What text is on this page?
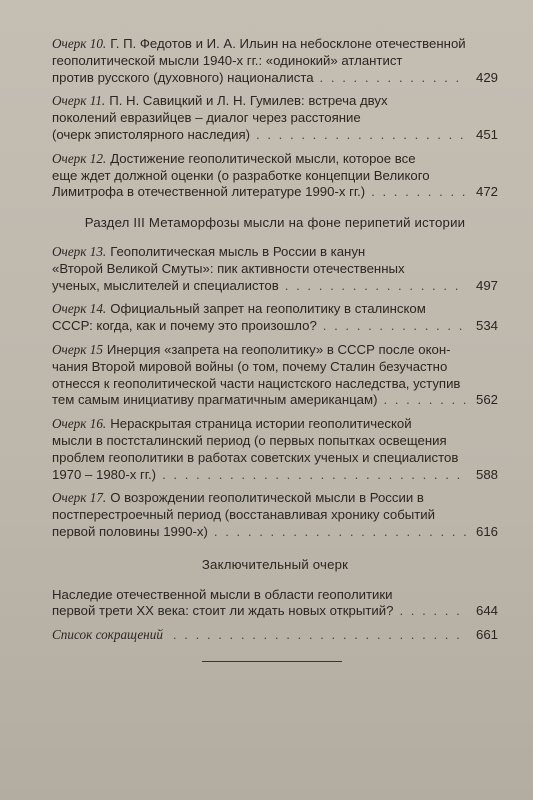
Очерк 10. Г. П. Федотов и И. А. Ильин на небосклоне отечественной
геополитической мысли 1940-х гг.: «одинокий» атлантист
против русского (духовного) националиста . . .	429
Очерк 11. П. Н. Савицкий и Л. Н. Гумилев: встреча двух
поколений евразийцев – диалог через расстояние
(очерк эпистолярного наследия) . . .	451
Очерк 12. Достижение геополитической мысли, которое все
еще ждет должной оценки (о разработке концепции Великого
Лимитрофа в отечественной литературе 1990-х гг.) . . .	472
Раздел III Метаморфозы мысли на фоне перипетий истории
Очерк 13. Геополитическая мысль в России в канун
«Второй Великой Смуты»: пик активности отечественных
ученых, мыслителей и специалистов . . .	497
Очерк 14. Официальный запрет на геополитику в сталинском
СССР: когда, как и почему это произошло? . . .	534
Очерк 15 Инерция «запрета на геополитику» в СССР после окон-
чания Второй мировой войны (о том, почему Сталин безучастно
отнесся к геополитической части нацистского наследства, уступив
тем самым инициативу прагматичным американцам) . . .	562
Очерк 16. Нераскрытая страница истории геополитической
мысли в постсталинский период (о первых попытках освещения
проблем геополитики в работах советских ученых и специалистов
1970 – 1980-х гг.) . . .	588
Очерк 17. О возрождении геополитической мысли в России в
постперестроечный период (восстанавливая хронику событий
первой половины 1990-х) . . .	616
Заключительный очерк
Наследие отечественной мысли в области геополитики
первой трети XX века: стоит ли ждать новых открытий? . . .	644
Список сокращений . . .	661
